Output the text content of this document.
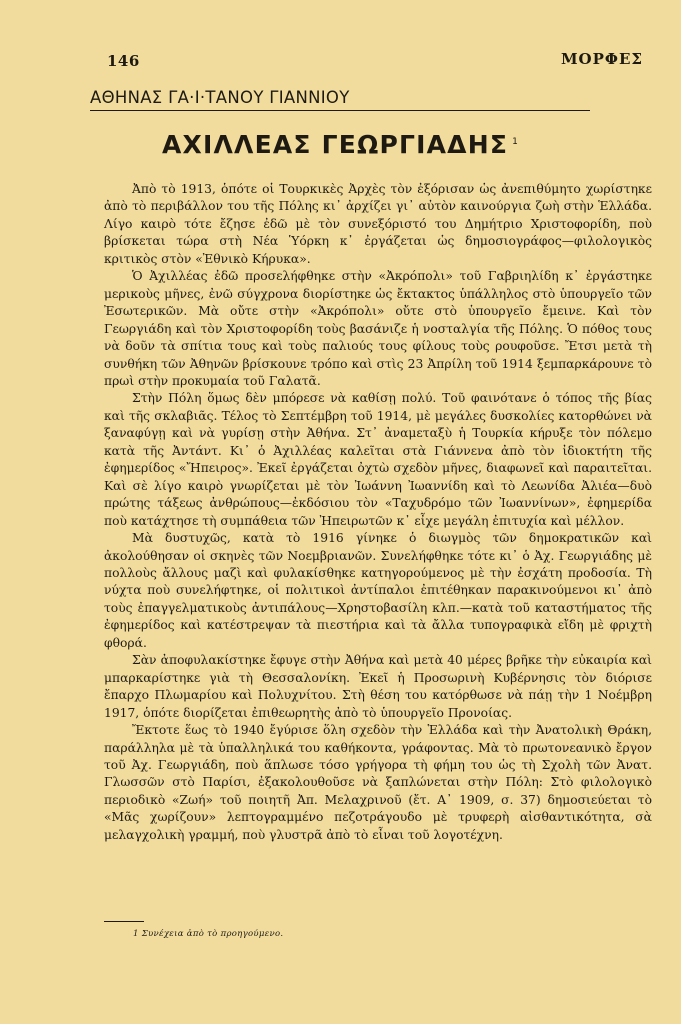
146	ΜΟΡΦΕΣ
ΑΘΗΝΑΣ ΓΑ·Ι·ΤΑΝΟΥ ΓΙΑΝΝΙΟΥ
ΑΧΙΛΛΕΑΣ ΓΕΩΡΓΙΑΔΗΣ $^1$

Ἀπὸ τὸ 1913, ὁπότε οἱ Τουρκικὲς Ἀρχὲς τὸν ἐξόρισαν ὡς ἀνεπιθύμητο χωρίστηκε ἀπὸ τὸ περιβάλλον του τῆς Πόλης κι᾽ ἀρχίζει γι᾽ αὐτὸν καινούργια ζωὴ στὴν Ἑλλάδα. Λίγο καιρὸ τότε ἔζησε ἐδῶ μὲ τὸν συνεξόριστό του Δημήτριο Χριστοφορίδη, ποὺ βρίσκεται τώρα στὴ Νέα Ὑόρκη κ᾽ ἐργάζεται ὡς δημοσιογράφος—φιλολογικὸς κριτικὸς στὸν «Ἐθνικὸ Κήρυκα».

Ὁ Ἀχιλλέας ἐδῶ προσελήφθηκε στὴν «Ἀκρόπολι» τοῦ Γαβριηλίδη κ᾽ ἐργάστηκε μερικοὺς μῆνες, ἐνῶ σύγχρονα διορίστηκε ὡς ἔκτακτος ὑπάλληλος στὸ ὑπουργεῖο τῶν Ἐσωτερικῶν. Μὰ οὔτε στὴν «Ἀκρόπολι» οὔτε στὸ ὑπουργεῖο ἔμεινε. Καὶ τὸν Γεωργιάδη καὶ τὸν Χριστοφορίδη τοὺς βασάνιζε ἡ νοσταλγία τῆς Πόλης. Ὁ πόθος τους νὰ δοῦν τὰ σπίτια τους καὶ τοὺς παλιούς τους φίλους τοὺς ρουφοῦσε. Ἔτσι μετὰ τὴ συνθήκη τῶν Ἀθηνῶν βρίσκουνε τρόπο καὶ στὶς 23 Ἀπρίλη τοῦ 1914 ξεμπαρκάρουνε τὸ πρωὶ στὴν προκυμαία τοῦ Γαλατᾶ.

Στὴν Πόλη ὅμως δὲν μπόρεσε νὰ καθίσῃ πολύ. Τοῦ φαινότανε ὁ τόπος τῆς βίας καὶ τῆς σκλαβιᾶς. Τέλος τὸ Σεπτέμβρη τοῦ 1914, μὲ μεγάλες δυσκολίες κατορθώνει νὰ ξαναφύγῃ καὶ νὰ γυρίσῃ στὴν Ἀθήνα. Στ᾽ ἀναμεταξὺ ἡ Τουρκία κήρυξε τὸν πόλεμο κατὰ τῆς Ἀντάντ. Κι᾽ ὁ Ἀχιλλέας καλεῖται στὰ Γιάννενα ἀπὸ τὸν ἰδιοκτήτη τῆς ἐφημερίδος «Ἤπειρος». Ἐκεῖ ἐργάζεται ὀχτὼ σχεδὸν μῆνες, διαφωνεῖ καὶ παραιτεῖται. Καὶ σὲ λίγο καιρὸ γνωρίζεται μὲ τὸν Ἰωάννη Ἰωαννίδη καὶ τὸ Λεωνίδα Ἀλιέα—δυὸ πρώτης τάξεως ἀνθρώπους—ἐκδόσιου τὸν «Ταχυδρόμο τῶν Ἰωαννίνων», ἐφημερίδα ποὺ κατάχτησε τὴ συμπάθεια τῶν Ἠπειρωτῶν κ᾽ εἶχε μεγάλη ἐπιτυχία καὶ μέλλον.

Μὰ δυστυχῶς, κατὰ τὸ 1916 γίνηκε ὁ διωγμὸς τῶν δημοκρατικῶν καὶ ἀκολούθησαν οἱ σκηνὲς τῶν Νοεμβριανῶν. Συνελήφθηκε τότε κι᾽ ὁ Ἀχ. Γεωργιάδης μὲ πολλοὺς ἄλλους μαζὶ καὶ φυλακίσθηκε κατηγορούμενος μὲ τὴν ἐσχάτη προδοσία. Τὴ νύχτα ποὺ συνελήφτηκε, οἱ πολιτικοὶ ἀντίπαλοι ἐπιτέθηκαν παρακινούμενοι κι᾽ ἀπὸ τοὺς ἐπαγγελματικοὺς ἀντιπάλους—Χρηστοβασίλη κλπ.—κατὰ τοῦ καταστήματος τῆς ἐφημερίδος καὶ κατέστρεψαν τὰ πιεστήρια καὶ τὰ ἄλλα τυπογραφικὰ εἴδη μὲ φριχτὴ φθορά.

Σὰν ἀποφυλακίστηκε ἔφυγε στὴν Ἀθήνα καὶ μετὰ 40 μέρες βρῆκε τὴν εὐκαιρία καὶ μπαρκαρίστηκε γιὰ τὴ Θεσσαλονίκη. Ἐκεῖ ἡ Προσωρινὴ Κυβέρνησις τὸν διόρισε ἔπαρχο Πλωμαρίου καὶ Πολυχνίτου. Στὴ θέση του κατόρθωσε νὰ πάῃ τὴν 1 Νοέμβρη 1917, ὁπότε διορίζεται ἐπιθεωρητὴς ἀπὸ τὸ ὑπουργεῖο Προνοίας.

Ἔκτοτε ἕως τὸ 1940 ἔγύρισε ὅλη σχεδὸν τὴν Ἑλλάδα καὶ τὴν Ἀνατολικὴ Θράκη, παράλληλα μὲ τὰ ὑπαλληλικά του καθήκοντα, γράφοντας. Μὰ τὸ πρωτονεανικὸ ἔργον τοῦ Ἀχ. Γεωργιάδη, ποὺ ἅπλωσε τόσο γρήγορα τὴ φήμη του ὡς τὴ Σχολὴ τῶν Ἀνατ. Γλωσσῶν στὸ Παρίσι, ἐξακολουθοῦσε νὰ ξαπλώνεται στὴν Πόλη: Στὸ φιλολογικὸ περιοδικὸ «Ζωή» τοῦ ποιητῆ Ἀπ. Μελαχρινοῦ (ἔτ. Α᾽ 1909, σ. 37) δημοσιεύεται τὸ «Μᾶς χωρίζουν» λεπτογραμμένο πεζοτράγουδο μὲ τρυφερὴ αἰσθαντικότητα, σὰ μελαγχολικὴ γραμμή, ποὺ γλυστρᾶ ἀπὸ τὸ εἶναι τοῦ λογοτέχνη.

1 Συνέχεια ἀπὸ τὸ προηγούμενο.
